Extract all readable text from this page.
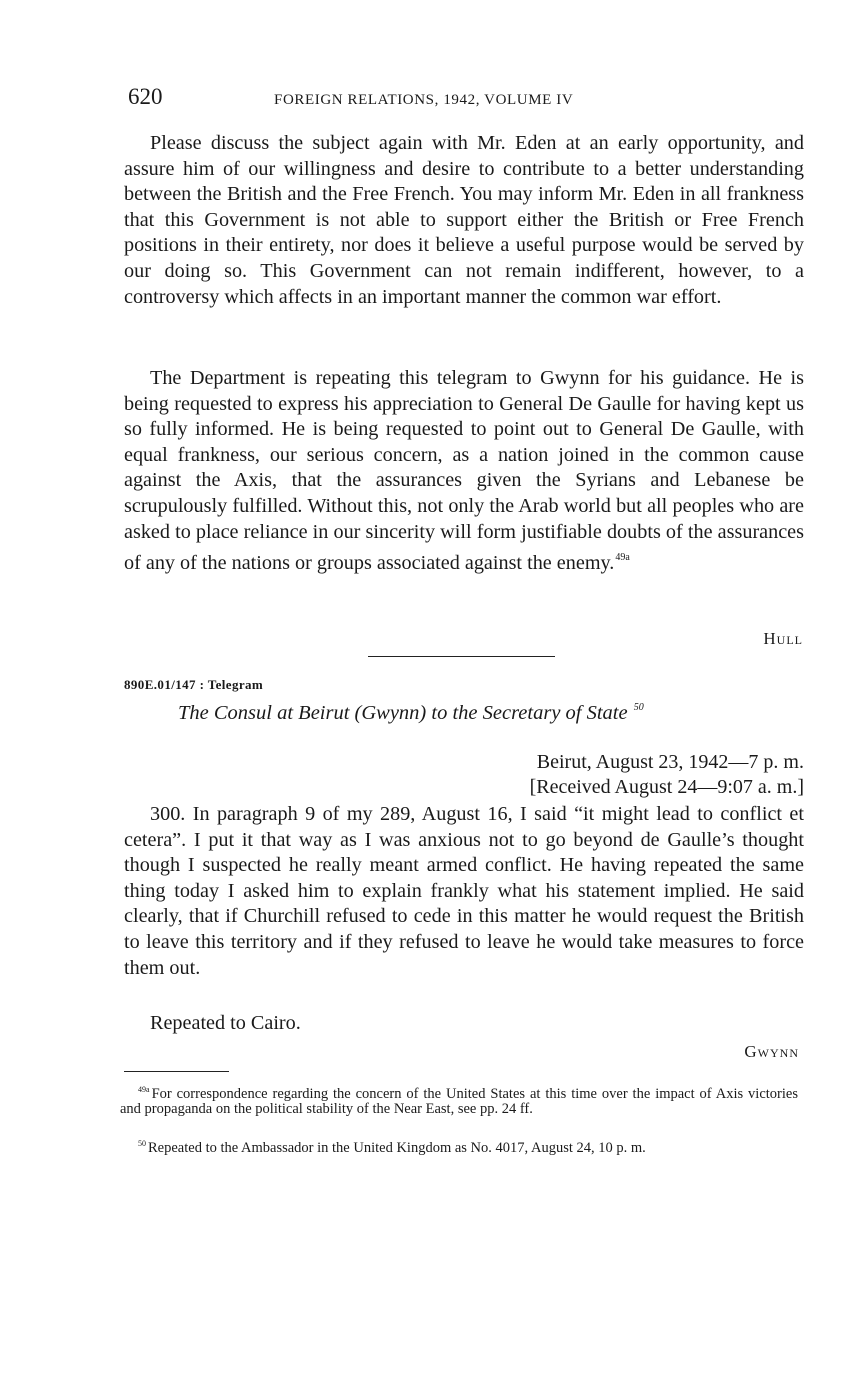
620	FOREIGN RELATIONS, 1942, VOLUME IV

Please discuss the subject again with Mr. Eden at an early opportunity, and assure him of our willingness and desire to contribute to a better understanding between the British and the Free French. You may inform Mr. Eden in all frankness that this Government is not able to support either the British or Free French positions in their entirety, nor does it believe a useful purpose would be served by our doing so. This Government can not remain indifferent, however, to a controversy which affects in an important manner the common war effort.

The Department is repeating this telegram to Gwynn for his guidance. He is being requested to express his appreciation to General De Gaulle for having kept us so fully informed. He is being requested to point out to General De Gaulle, with equal frankness, our serious concern, as a nation joined in the common cause against the Axis, that the assurances given the Syrians and Lebanese be scrupulously fulfilled. Without this, not only the Arab world but all peoples who are asked to place reliance in our sincerity will form justifiable doubts of the assurances of any of the nations or groups associated against the enemy.$^{49a}$

Hull
890E.01/147 : Telegram
The Consul at Beirut (Gwynn) to the Secretary of State $^{50}$
Beirut, August 23, 1942—7 p. m.
[Received August 24—9:07 a. m.]

300. In paragraph 9 of my 289, August 16, I said “it might lead to conflict et cetera”. I put it that way as I was anxious not to go beyond de Gaulle’s thought though I suspected he really meant armed conflict. He having repeated the same thing today I asked him to explain frankly what his statement implied. He said clearly, that if Churchill refused to cede in this matter he would request the British to leave this territory and if they refused to leave he would take measures to force them out.

Repeated to Cairo.

Gwynn

$^{49a}$ For correspondence regarding the concern of the United States at this time over the impact of Axis victories and propaganda on the political stability of the Near East, see pp. 24 ff.

$^{50}$ Repeated to the Ambassador in the United Kingdom as No. 4017, August 24, 10 p. m.
